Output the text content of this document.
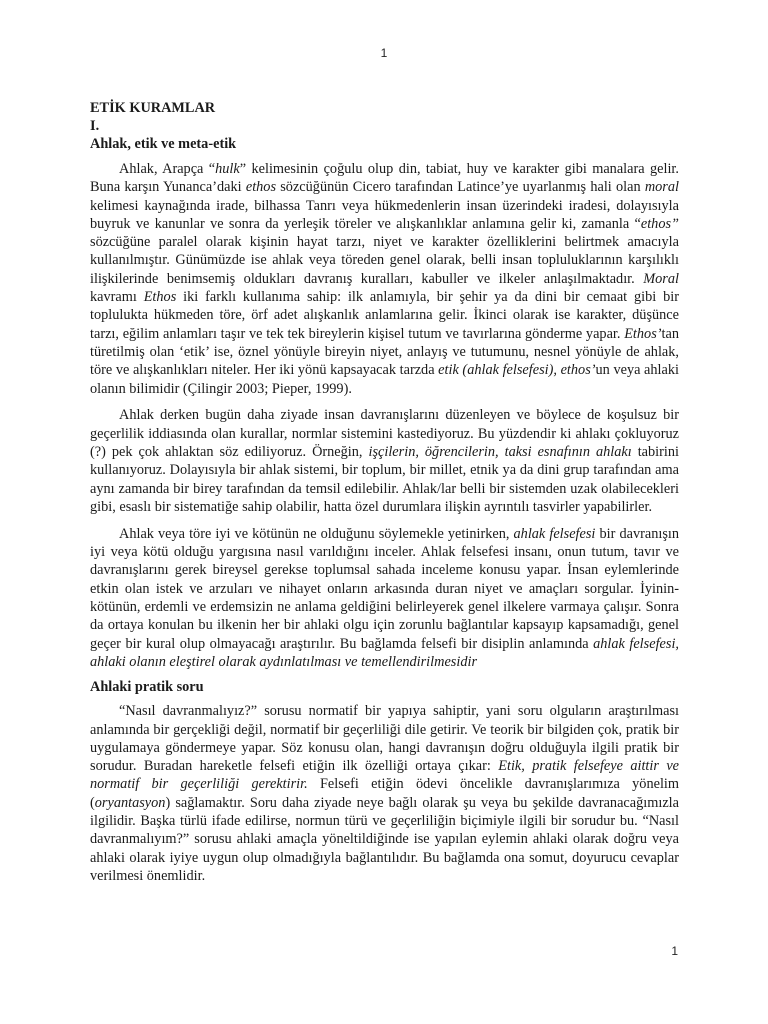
1
ETİK KURAMLAR
I.
Ahlak, etik ve meta-etik

Ahlak, Arapça “hulk” kelimesinin çoğulu olup din, tabiat, huy ve karakter gibi manalara gelir. Buna karşın Yunanca’daki ethos sözcüğünün Cicero tarafından Latince’ye uyarlanmış hali olan moral kelimesi kaynağında irade, bilhassa Tanrı veya hükmedenlerin insan üzerindeki iradesi, dolayısıyla buyruk ve kanunlar ve sonra da yerleşik töreler ve alışkanlıklar anlamına gelir ki, zamanla “ethos” sözcüğüne paralel olarak kişinin hayat tarzı, niyet ve karakter özelliklerini belirtmek amacıyla kullanılmıştır. Günümüzde ise ahlak veya töreden genel olarak, belli insan topluluklarının karşılıklı ilişkilerinde benimsemiş oldukları davranış kuralları, kabuller ve ilkeler anlaşılmaktadır. Moral kavramı Ethos iki farklı kullanıma sahip: ilk anlamıyla, bir şehir ya da dini bir cemaat gibi bir toplulukta hükmeden töre, örf adet alışkanlık anlamlarına gelir. İkinci olarak ise karakter, düşünce tarzı, eğilim anlamları taşır ve tek tek bireylerin kişisel tutum ve tavırlarına gönderme yapar. Ethos’tan türetilmiş olan ‘etik’ ise, öznel yönüyle bireyin niyet, anlayış ve tutumunu, nesnel yönüyle de ahlak, töre ve alışkanlıkları niteler. Her iki yönü kapsayacak tarzda etik (ahlak felsefesi), ethos’un veya ahlaki olanın bilimidir (Çilingir 2003; Pieper, 1999).

Ahlak derken bugün daha ziyade insan davranışlarını düzenleyen ve böylece de koşulsuz bir geçerlilik iddiasında olan kurallar, normlar sistemini kastediyoruz. Bu yüzdendir ki ahlakı çokluyoruz (?) pek çok ahlaktan söz ediliyoruz. Örneğin, işçilerin, öğrencilerin, taksi esnafının ahlakı tabirini kullanıyoruz. Dolayısıyla bir ahlak sistemi, bir toplum, bir millet, etnik ya da dini grup tarafından ama aynı zamanda bir birey tarafından da temsil edilebilir. Ahlak/lar belli bir sistemden uzak olabilecekleri gibi, esaslı bir sistematiğe sahip olabilir, hatta özel durumlara ilişkin ayrıntılı tasvirler yapabilirler.

Ahlak veya töre iyi ve kötünün ne olduğunu söylemekle yetinirken, ahlak felsefesi bir davranışın iyi veya kötü olduğu yargısına nasıl varıldığını inceler. Ahlak felsefesi insanı, onun tutum, tavır ve davranışlarını gerek bireysel gerekse toplumsal sahada inceleme konusu yapar. İnsan eylemlerinde etkin olan istek ve arzuları ve nihayet onların arkasında duran niyet ve amaçları sorgular. İyinin-kötünün, erdemli ve erdemsizin ne anlama geldiğini belirleyerek genel ilkelere varmaya çalışır. Sonra da ortaya konulan bu ilkenin her bir ahlaki olgu için zorunlu bağlantılar kapsayıp kapsamadığı, genel geçer bir kural olup olmayacağı araştırılır. Bu bağlamda felsefi bir disiplin anlamında ahlak felsefesi, ahlaki olanın eleştirel olarak aydınlatılması ve temellendirilmesidir

Ahlaki pratik soru

“Nasıl davranmalıyız?” sorusu normatif bir yapıya sahiptir, yani soru olguların araştırılması anlamında bir gerçekliği değil, normatif bir geçerliliği dile getirir. Ve teorik bir bilgiden çok, pratik bir uygulamaya göndermeye yapar. Söz konusu olan, hangi davranışın doğru olduğuyla ilgili pratik bir sorudur. Buradan hareketle felsefi etiğin ilk özelliği ortaya çıkar: Etik, pratik felsefeye aittir ve normatif bir geçerliliği gerektirir. Felsefi etiğin ödevi öncelikle davranışlarımıza yönelim (oryantasyon) sağlamaktır. Soru daha ziyade neye bağlı olarak şu veya bu şekilde davranacağımızla ilgilidir. Başka türlü ifade edilirse, normun türü ve geçerliliğin biçimiyle ilgili bir sorudur bu. “Nasıl davranmalıyım?” sorusu ahlaki amaçla yöneltildiğinde ise yapılan eylemin ahlaki olarak doğru veya ahlaki olarak iyiye uygun olup olmadığıyla bağlantılıdır. Bu bağlamda ona somut, doyurucu cevaplar verilmesi önemlidir.

1
